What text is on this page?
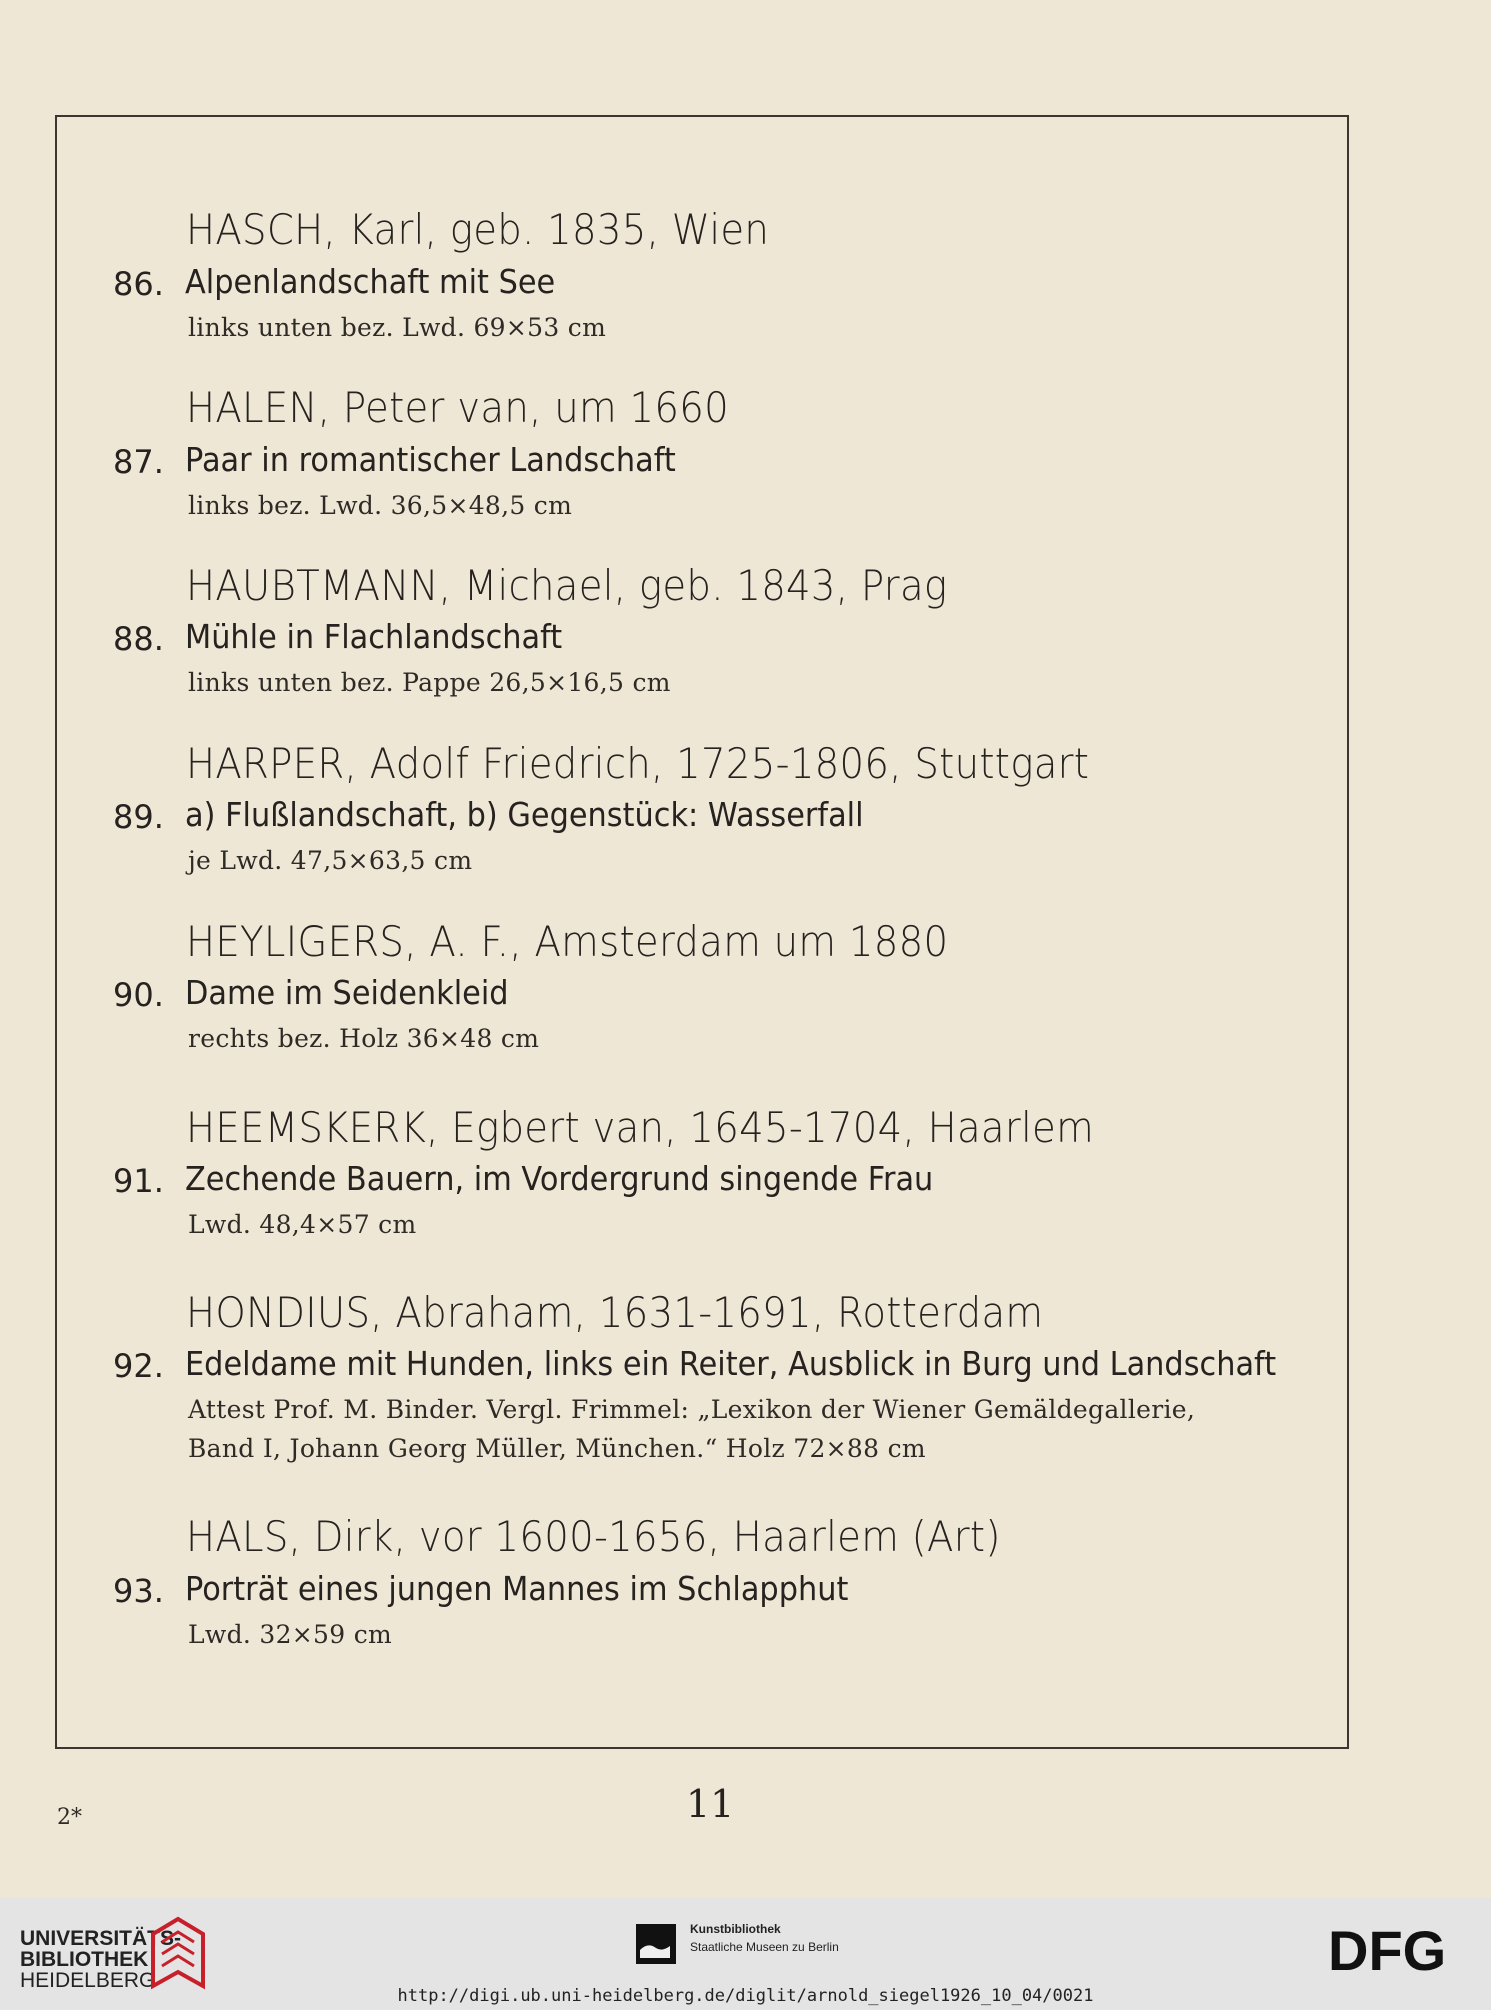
HASCH, Karl, geb. 1835, Wien
86. Alpenlandschaft mit See
links unten bez. Lwd. 69×53 cm
HALEN, Peter van, um 1660
87. Paar in romantischer Landschaft
links bez. Lwd. 36,5×48,5 cm
HAUBTMANN, Michael, geb. 1843, Prag
88. Mühle in Flachlandschaft
links unten bez. Pappe 26,5×16,5 cm
HARPER, Adolf Friedrich, 1725-1806, Stuttgart
89. a) Flußlandschaft, b) Gegenstück: Wasserfall
je Lwd. 47,5×63,5 cm
HEYLIGERS, A. F., Amsterdam um 1880
90. Dame im Seidenkleid
rechts bez. Holz 36×48 cm
HEEMSKERK, Egbert van, 1645-1704, Haarlem
91. Zechende Bauern, im Vordergrund singende Frau
Lwd. 48,4×57 cm
HONDIUS, Abraham, 1631-1691, Rotterdam
92. Edeldame mit Hunden, links ein Reiter, Ausblick in Burg und Landschaft
Attest Prof. M. Binder. Vergl. Frimmel: „Lexikon der Wiener Gemäldegallerie,
Band I, Johann Georg Müller, München.“ Holz 72×88 cm
HALS, Dirk, vor 1600-1656, Haarlem (Art)
93. Porträt eines jungen Mannes im Schlapphut
Lwd. 32×59 cm
2*	11
UNIVERSITÄTS-
BIBLIOTHEK
HEIDELBERG
Kunstbibliothek
Staatliche Museen zu Berlin	DFG
http://digi.ub.uni-heidelberg.de/diglit/arnold_siegel1926_10_04/0021
